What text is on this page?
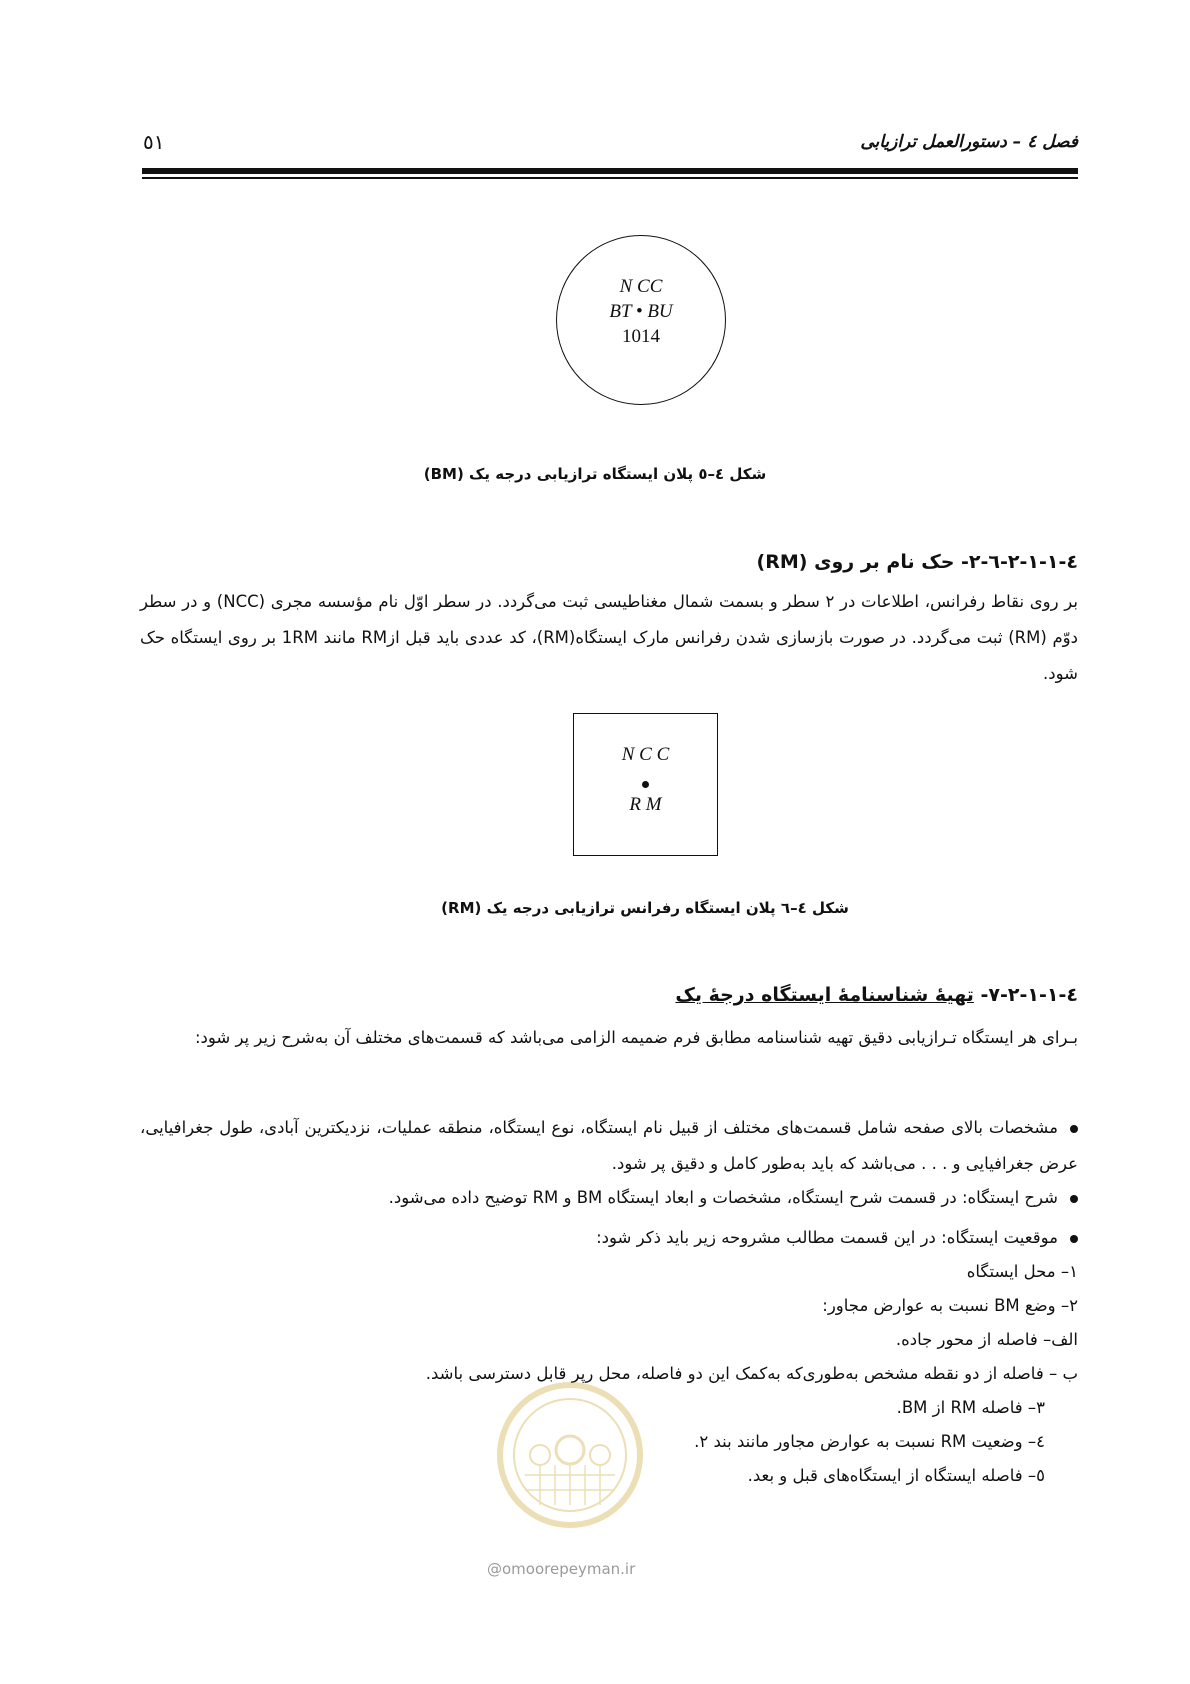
فصل ٤ – دستورالعمل ترازيابی
٥١
N CC
BT • BU
1014
شکل ٤–٥ پلان ايستگاه ترازيابی درجه يک (BM)
٤-١-١-٢-٦-٢- حک نام بر روی (RM)
بر روی نقاط رفرانس، اطلاعات در ٢ سطر و بسمت شمال مغناطيسی ثبت می‌گردد. در سطر اوّل نام مؤسسه مجری (NCC) و در سطر دوّم (RM) ثبت می‌گردد. در صورت بازسازی شدن رفرانس مارک ايستگاه(RM)، کد عددی بايد قبل ازRM مانند 1RM بر روی ايستگاه حک شود.
N C C
R M
شکل ٤–٦ پلان ايستگاه رفرانس ترازيابی درجه يک (RM)
٤-١-١-٢-٧- تهيهٔ شناسنامهٔ ايستگاه درجهٔ يک
بـرای هر ايستگاه تـرازيابی دقيق تهيه شناسنامه مطابق فرم ضميمه الزامی می‌باشد که قسمت‌های مختلف آن به‌شرح زير پر شود:
مشخصات بالای صفحه شامل قسمت‌های مختلف از قبيل نام ايستگاه، نوع ايستگاه، منطقه عمليات، نزديکترين آبادی، طول جغرافيايی، عرض جغرافيايی و . . . می‌باشد که بايد به‌طور کامل و دقيق پر شود.
شرح ايستگاه: در قسمت شرح ايستگاه، مشخصات و ابعاد ايستگاه BM و RM توضيح داده می‌شود.
موقعيت ايستگاه: در اين قسمت مطالب مشروحه زير بايد ذکر شود:
١– محل ايستگاه
٢– وضع BM نسبت به عوارض مجاور:
الف– فاصله از محور جاده.
ب – فاصله از دو نقطه مشخص به‌طوری‌که به‌کمک اين دو فاصله، محل رپر قابل دسترسی باشد.
٣– فاصله RM از BM.
٤– وضعيت RM نسبت به عوارض مجاور مانند بند ٢.
٥– فاصله ايستگاه از ايستگاه‌های قبل و بعد.
@omoorepeyman.ir
